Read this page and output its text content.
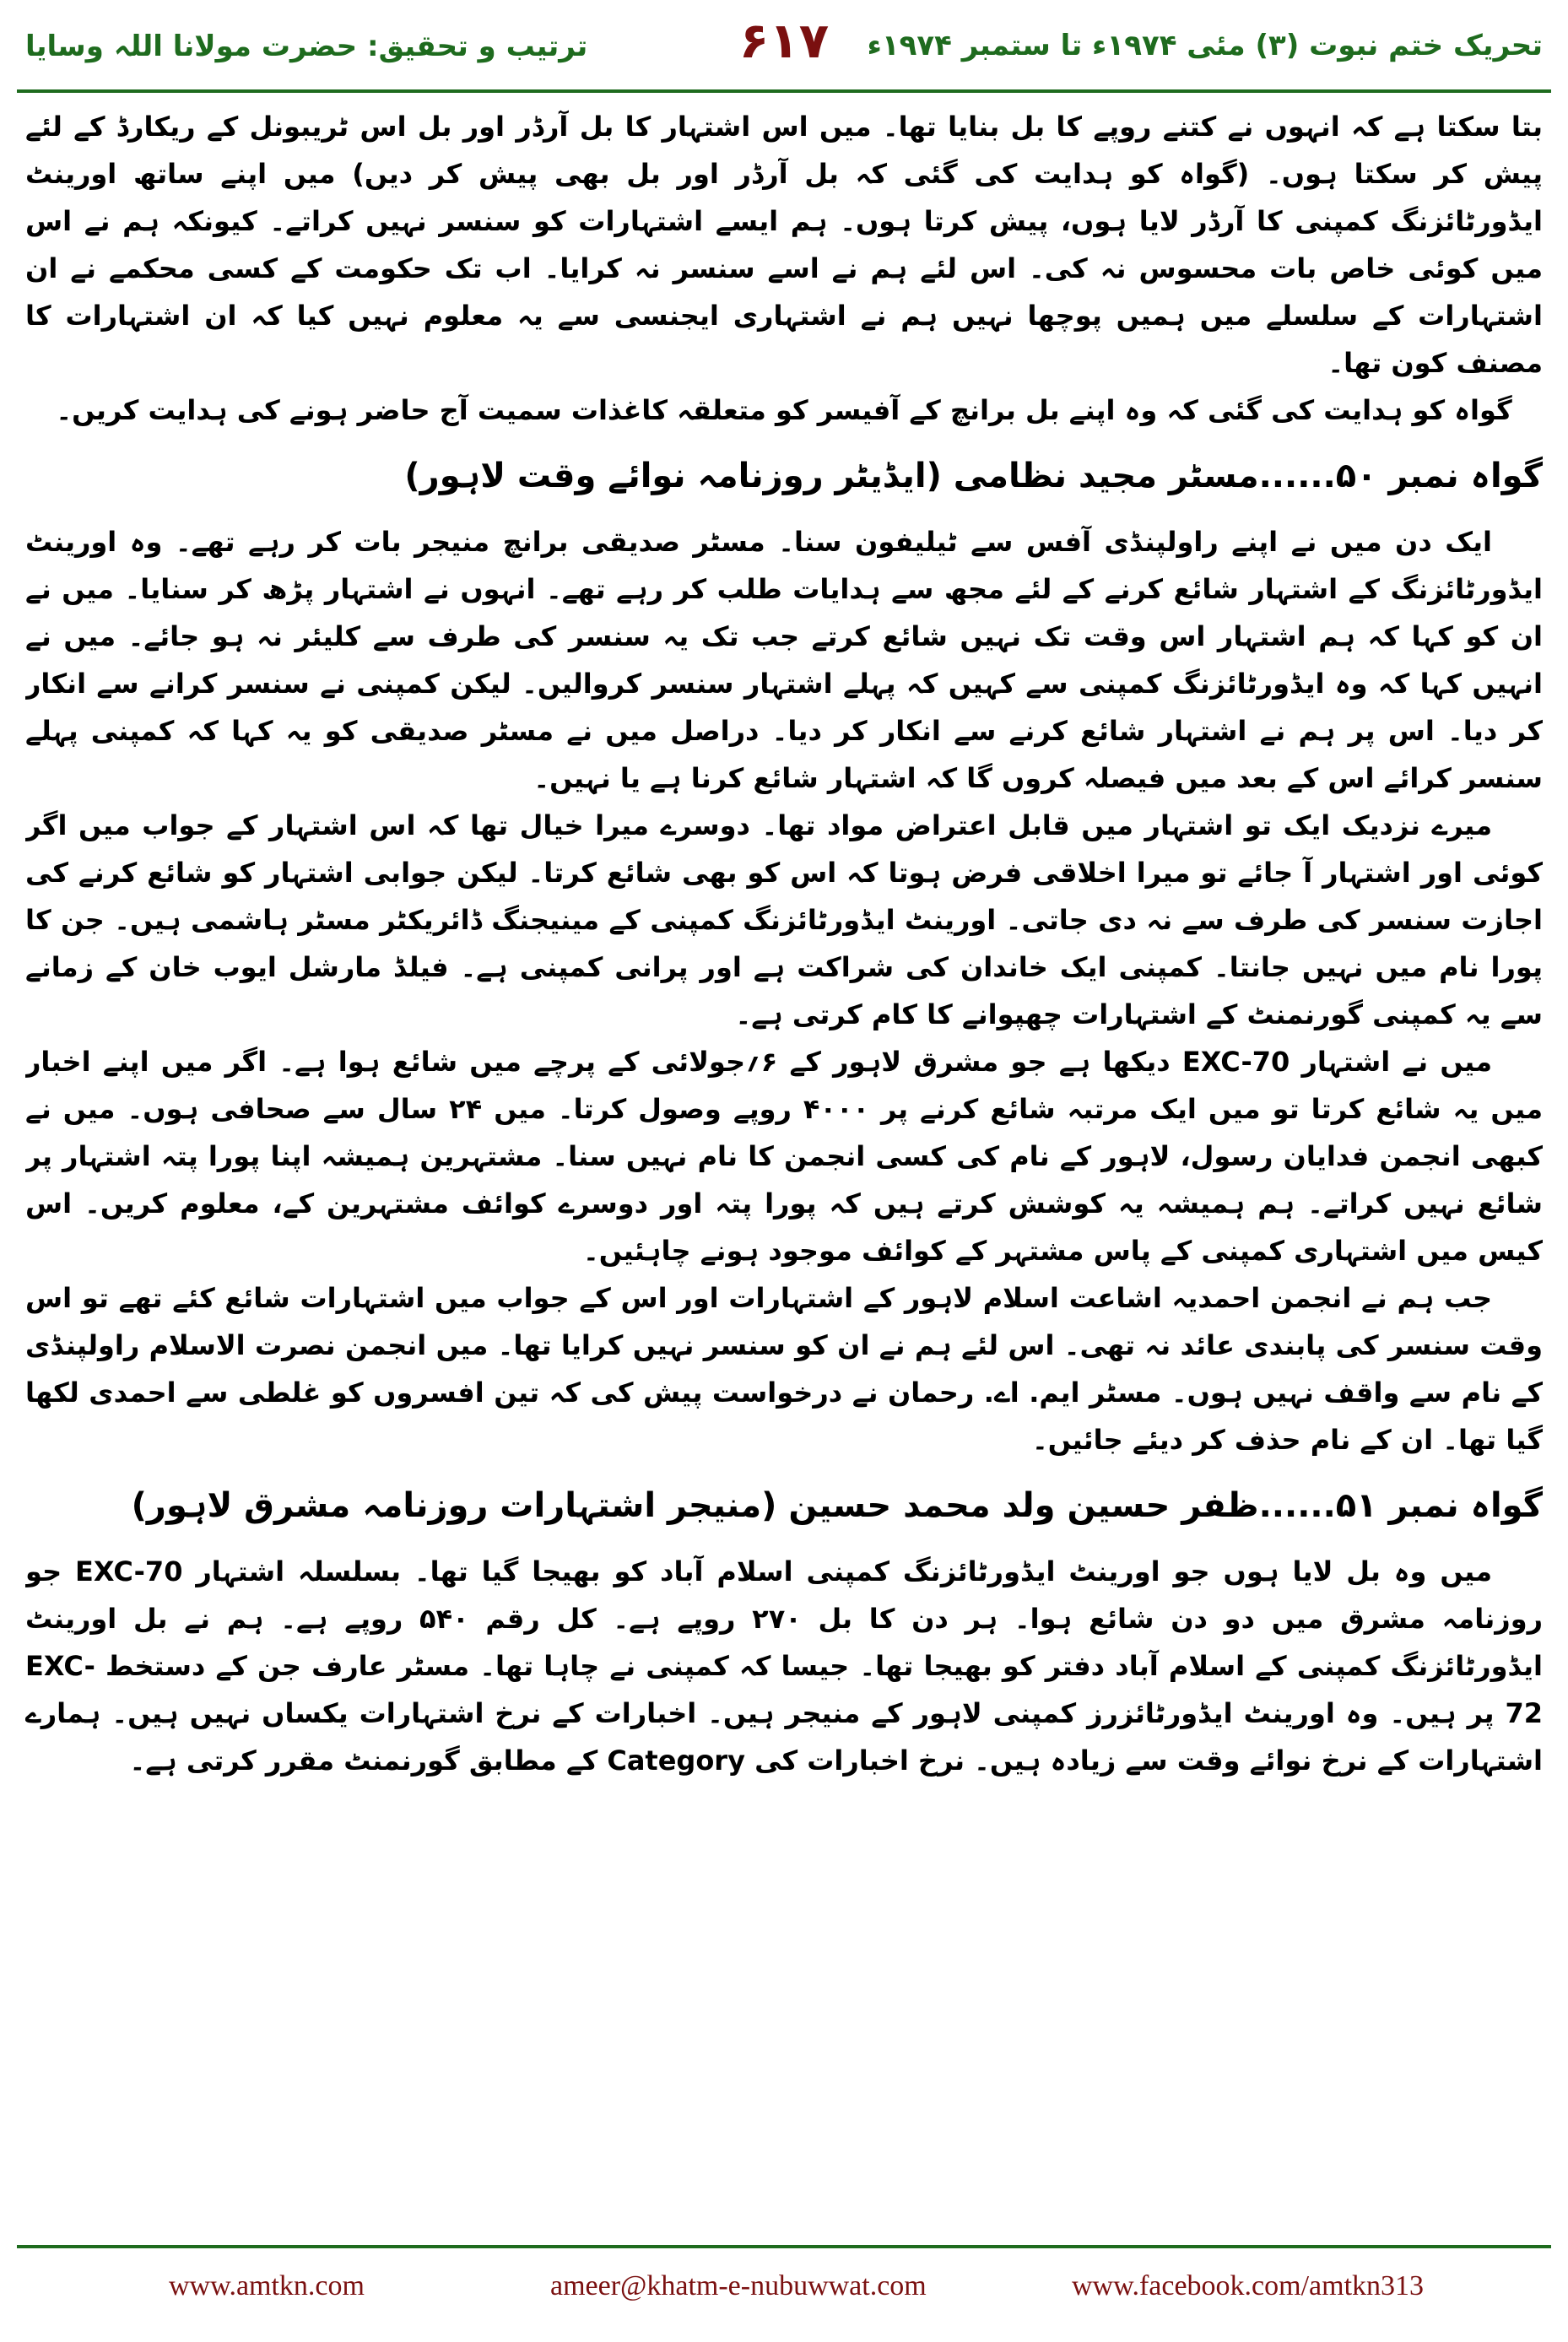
تحریک ختم نبوت (۳) مئی ۱۹۷۴ء تا ستمبر ۱۹۷۴ء
۶۱۷
ترتیب و تحقیق: حضرت مولانا اللہ وسایا

بتا سکتا ہے کہ انہوں نے کتنے روپے کا بل بنایا تھا۔ میں اس اشتہار کا بل آرڈر اور بل اس ٹریبونل کے ریکارڈ کے لئے پیش کر سکتا ہوں۔ (گواہ کو ہدایت کی گئی کہ بل آرڈر اور بل بھی پیش کر دیں) میں اپنے ساتھ اورینٹ ایڈورٹائزنگ کمپنی کا آرڈر لایا ہوں، پیش کرتا ہوں۔ ہم ایسے اشتہارات کو سنسر نہیں کراتے۔ کیونکہ ہم نے اس میں کوئی خاص بات محسوس نہ کی۔ اس لئے ہم نے اسے سنسر نہ کرایا۔ اب تک حکومت کے کسی محکمے نے ان اشتہارات کے سلسلے میں ہمیں پوچھا نہیں ہم نے اشتہاری ایجنسی سے یہ معلوم نہیں کیا کہ ان اشتہارات کا مصنف کون تھا۔

گواہ کو ہدایت کی گئی کہ وہ اپنے بل برانچ کے آفیسر کو متعلقہ کاغذات سمیت آج حاضر ہونے کی ہدایت کریں۔

گواہ نمبر ۵۰......مسٹر مجید نظامی (ایڈیٹر روزنامہ نوائے وقت لاہور)

ایک دن میں نے اپنے راولپنڈی آفس سے ٹیلیفون سنا۔ مسٹر صدیقی برانچ منیجر بات کر رہے تھے۔ وہ اورینٹ ایڈورٹائزنگ کے اشتہار شائع کرنے کے لئے مجھ سے ہدایات طلب کر رہے تھے۔ انہوں نے اشتہار پڑھ کر سنایا۔ میں نے ان کو کہا کہ ہم اشتہار اس وقت تک نہیں شائع کرتے جب تک یہ سنسر کی طرف سے کلیئر نہ ہو جائے۔ میں نے انہیں کہا کہ وہ ایڈورٹائزنگ کمپنی سے کہیں کہ پہلے اشتہار سنسر کروالیں۔ لیکن کمپنی نے سنسر کرانے سے انکار کر دیا۔ اس پر ہم نے اشتہار شائع کرنے سے انکار کر دیا۔ دراصل میں نے مسٹر صدیقی کو یہ کہا کہ کمپنی پہلے سنسر کرائے اس کے بعد میں فیصلہ کروں گا کہ اشتہار شائع کرنا ہے یا نہیں۔

میرے نزدیک ایک تو اشتہار میں قابل اعتراض مواد تھا۔ دوسرے میرا خیال تھا کہ اس اشتہار کے جواب میں اگر کوئی اور اشتہار آ جائے تو میرا اخلاقی فرض ہوتا کہ اس کو بھی شائع کرتا۔ لیکن جوابی اشتہار کو شائع کرنے کی اجازت سنسر کی طرف سے نہ دی جاتی۔ اورینٹ ایڈورٹائزنگ کمپنی کے مینیجنگ ڈائریکٹر مسٹر ہاشمی ہیں۔ جن کا پورا نام میں نہیں جانتا۔ کمپنی ایک خاندان کی شراکت ہے اور پرانی کمپنی ہے۔ فیلڈ مارشل ایوب خان کے زمانے سے یہ کمپنی گورنمنٹ کے اشتہارات چھپوانے کا کام کرتی ہے۔

میں نے اشتہار EXC-70 دیکھا ہے جو مشرق لاہور کے ۶؍جولائی کے پرچے میں شائع ہوا ہے۔ اگر میں اپنے اخبار میں یہ شائع کرتا تو میں ایک مرتبہ شائع کرنے پر ۴۰۰۰ روپے وصول کرتا۔ میں ۲۴ سال سے صحافی ہوں۔ میں نے کبھی انجمن فدایان رسول، لاہور کے نام کی کسی انجمن کا نام نہیں سنا۔ مشتہرین ہمیشہ اپنا پورا پتہ اشتہار پر شائع نہیں کراتے۔ ہم ہمیشہ یہ کوشش کرتے ہیں کہ پورا پتہ اور دوسرے کوائف مشتہرین کے، معلوم کریں۔ اس کیس میں اشتہاری کمپنی کے پاس مشتہر کے کوائف موجود ہونے چاہئیں۔

جب ہم نے انجمن احمدیہ اشاعت اسلام لاہور کے اشتہارات اور اس کے جواب میں اشتہارات شائع کئے تھے تو اس وقت سنسر کی پابندی عائد نہ تھی۔ اس لئے ہم نے ان کو سنسر نہیں کرایا تھا۔ میں انجمن نصرت الاسلام راولپنڈی کے نام سے واقف نہیں ہوں۔ مسٹر ایم. اے. رحمان نے درخواست پیش کی کہ تین افسروں کو غلطی سے احمدی لکھا گیا تھا۔ ان کے نام حذف کر دیئے جائیں۔

گواہ نمبر ۵۱......ظفر حسین ولد محمد حسین (منیجر اشتہارات روزنامہ مشرق لاہور)

میں وہ بل لایا ہوں جو اورینٹ ایڈورٹائزنگ کمپنی اسلام آباد کو بھیجا گیا تھا۔ بسلسلہ اشتہار EXC-70 جو روزنامہ مشرق میں دو دن شائع ہوا۔ ہر دن کا بل ۲۷۰ روپے ہے۔ کل رقم ۵۴۰ روپے ہے۔ ہم نے بل اورینٹ ایڈورٹائزنگ کمپنی کے اسلام آباد دفتر کو بھیجا تھا۔ جیسا کہ کمپنی نے چاہا تھا۔ مسٹر عارف جن کے دستخط EXC-72 پر ہیں۔ وہ اورینٹ ایڈورٹائزرز کمپنی لاہور کے منیجر ہیں۔ اخبارات کے نرخ اشتہارات یکساں نہیں ہیں۔ ہمارے اشتہارات کے نرخ نوائے وقت سے زیادہ ہیں۔ نرخ اخبارات کی Category کے مطابق گورنمنٹ مقرر کرتی ہے۔

www.amtkn.com	ameer@khatm-e-nubuwwat.com	www.facebook.com/amtkn313
